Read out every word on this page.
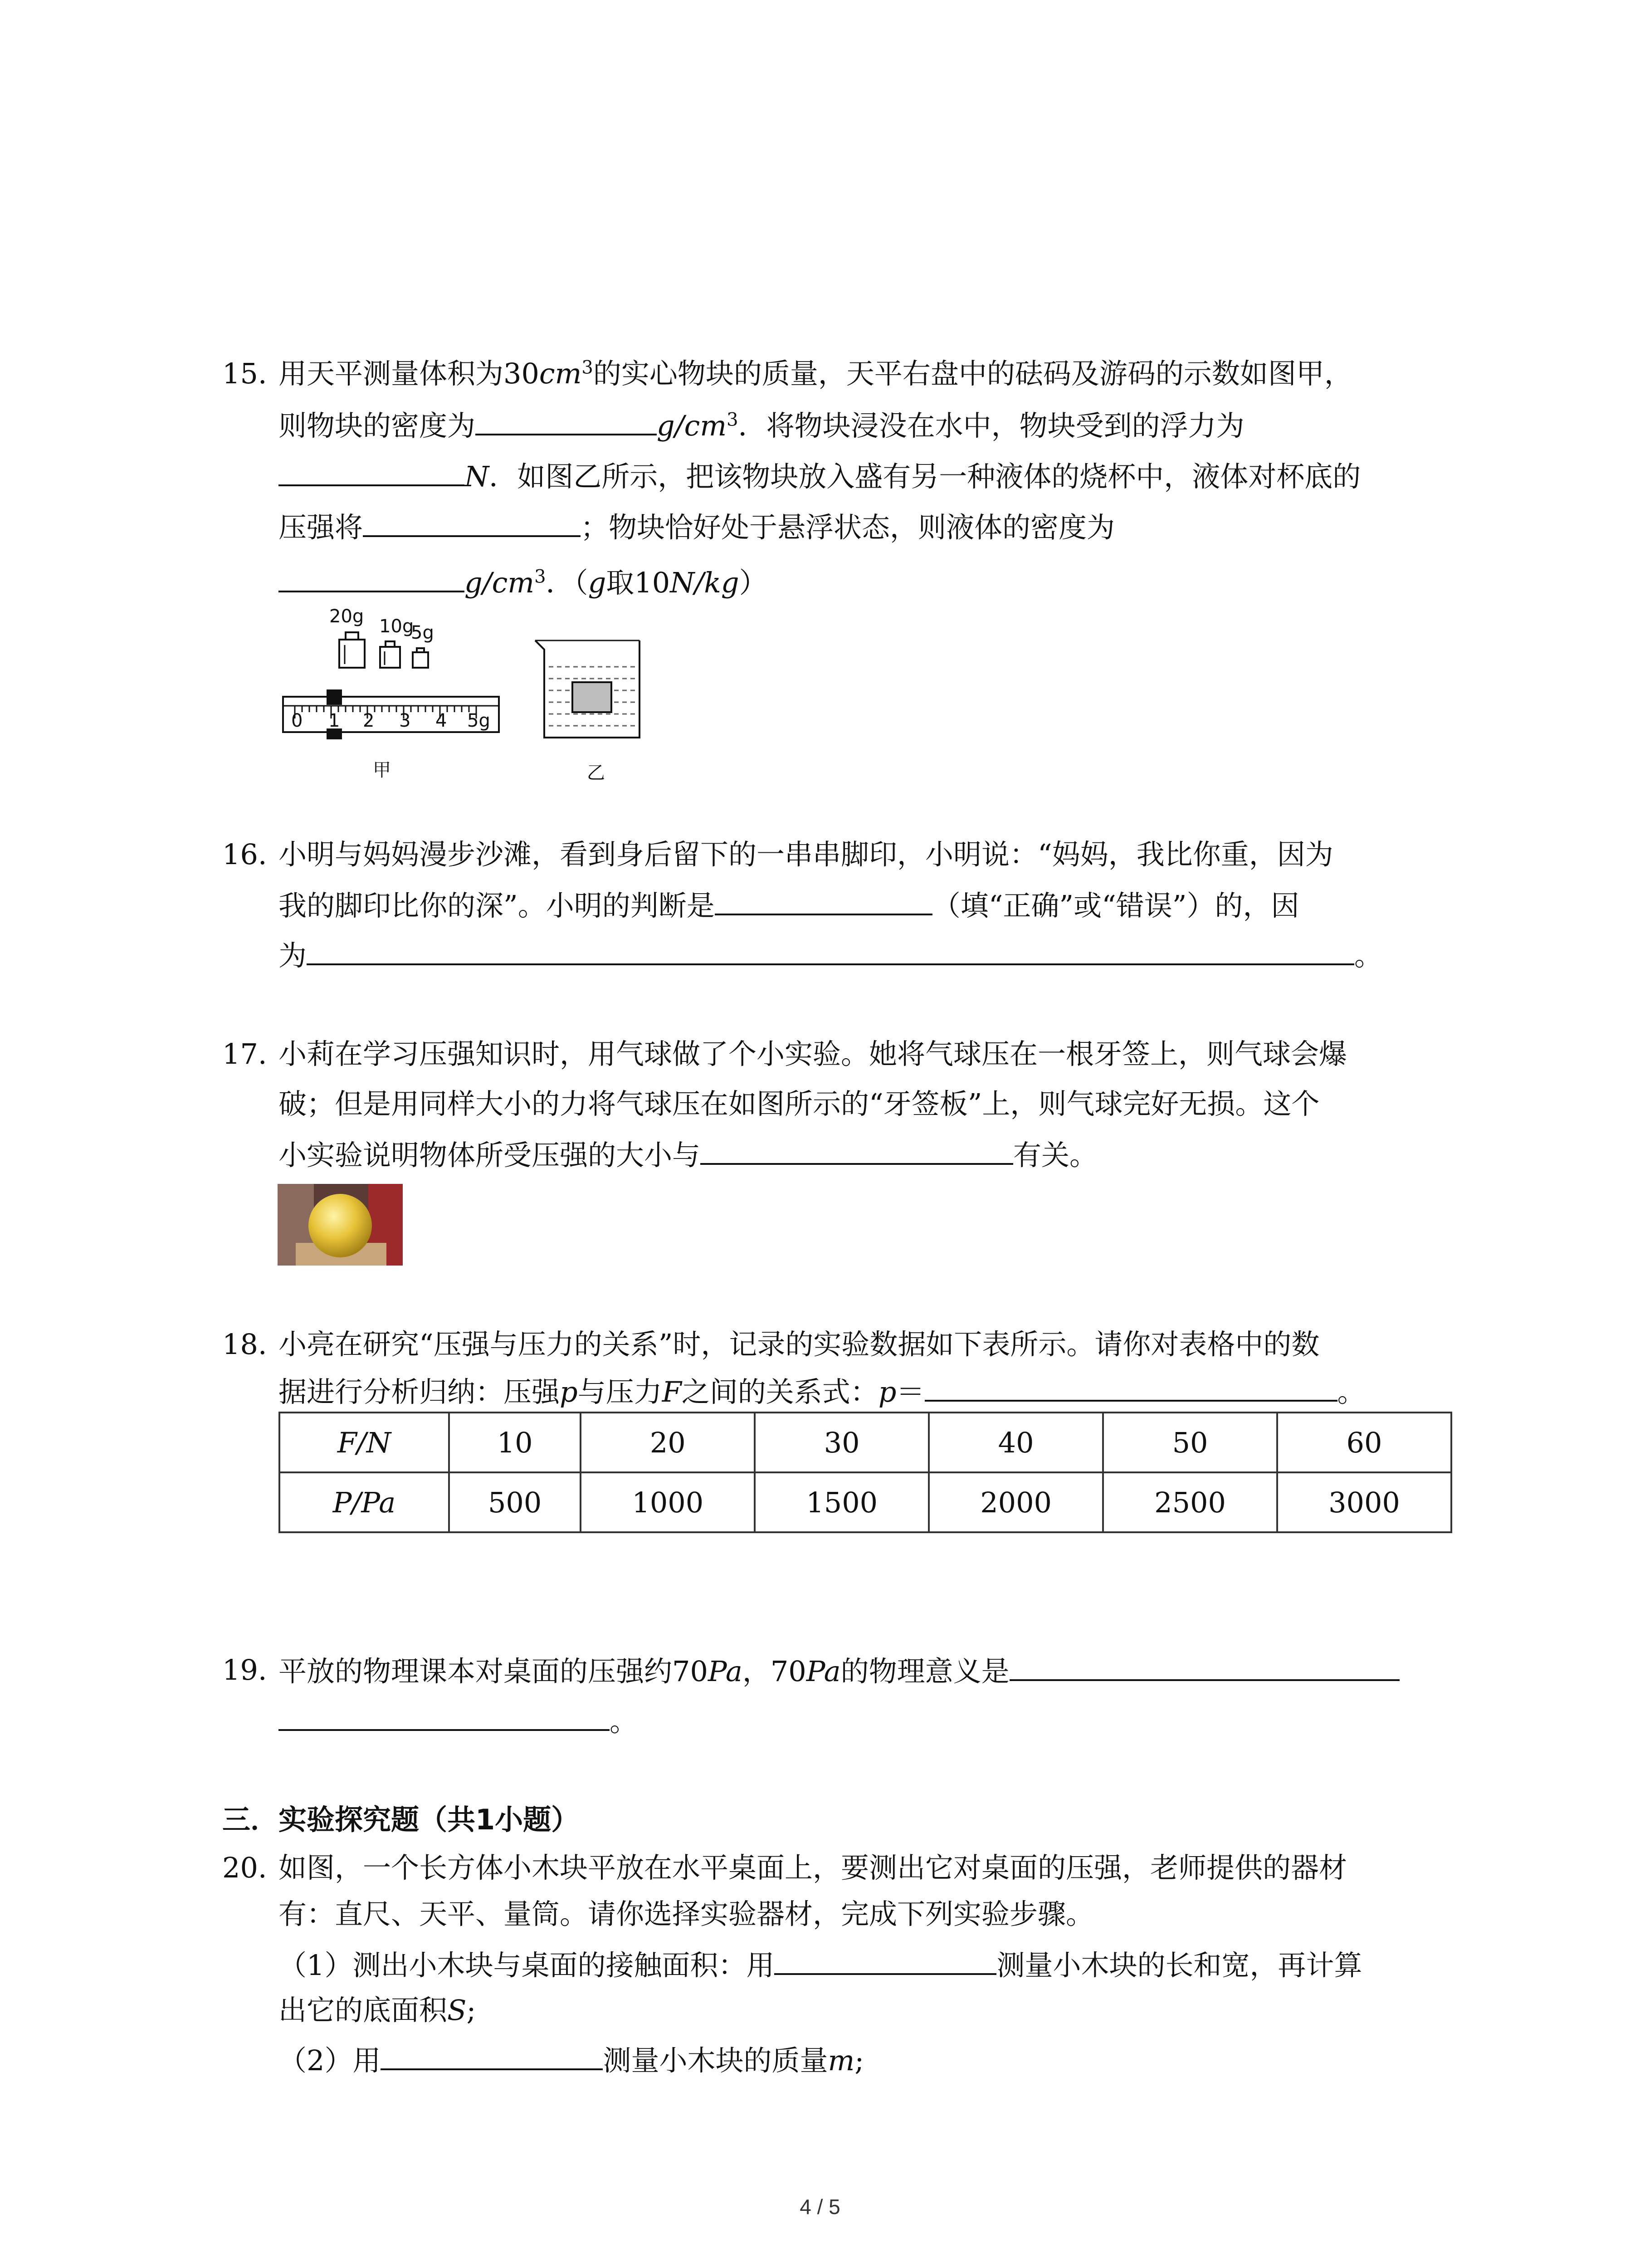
15. 用天平测量体积为$30cm^3$的实心物块的质量，天平右盘中的砝码及游码的示数如图甲，
则物块的密度为	$g/cm^3$．将物块浸没在水中，物块受到的浮力为
N．如图乙所示，把该物块放入盛有另一种液体的烧杯中，液体对杯底的
压强将	；物块恰好处于悬浮状态，则液体的密度为
$g/cm^3$．（g取10N/kg）
20g 10g
5g
0 1 2 3 4 5g
甲	乙
16. 小明与妈妈漫步沙滩，看到身后留下的一串串脚印，小明说：“妈妈，我比你重，因为
我的脚印比你的深”。小明的判断是	（填“正确”或“错误”）的，因
为	。
17. 小莉在学习压强知识时，用气球做了个小实验。她将气球压在一根牙签上，则气球会爆
破；但是用同样大小的力将气球压在如图所示的“牙签板”上，则气球完好无损。这个
小实验说明物体所受压强的大小与	有关。
18. 小亮在研究“压强与压力的关系”时，记录的实验数据如下表所示。请你对表格中的数
据进行分析归纳：压强p与压力F之间的关系式：p＝	。
F/N	10	20	30	40	50	60
P/Pa	500	1000	1500	2000	2500	3000
19. 平放的物理课本对桌面的压强约70Pa，70Pa的物理意义是
。
三．实验探究题（共1小题）
20. 如图，一个长方体小木块平放在水平桌面上，要测出它对桌面的压强，老师提供的器材
有：直尺、天平、量筒。请你选择实验器材，完成下列实验步骤。
（1）测出小木块与桌面的接触面积：用	测量小木块的长和宽，再计算
出它的底面积S;
（2）用	测量小木块的质量m;
4 / 5
